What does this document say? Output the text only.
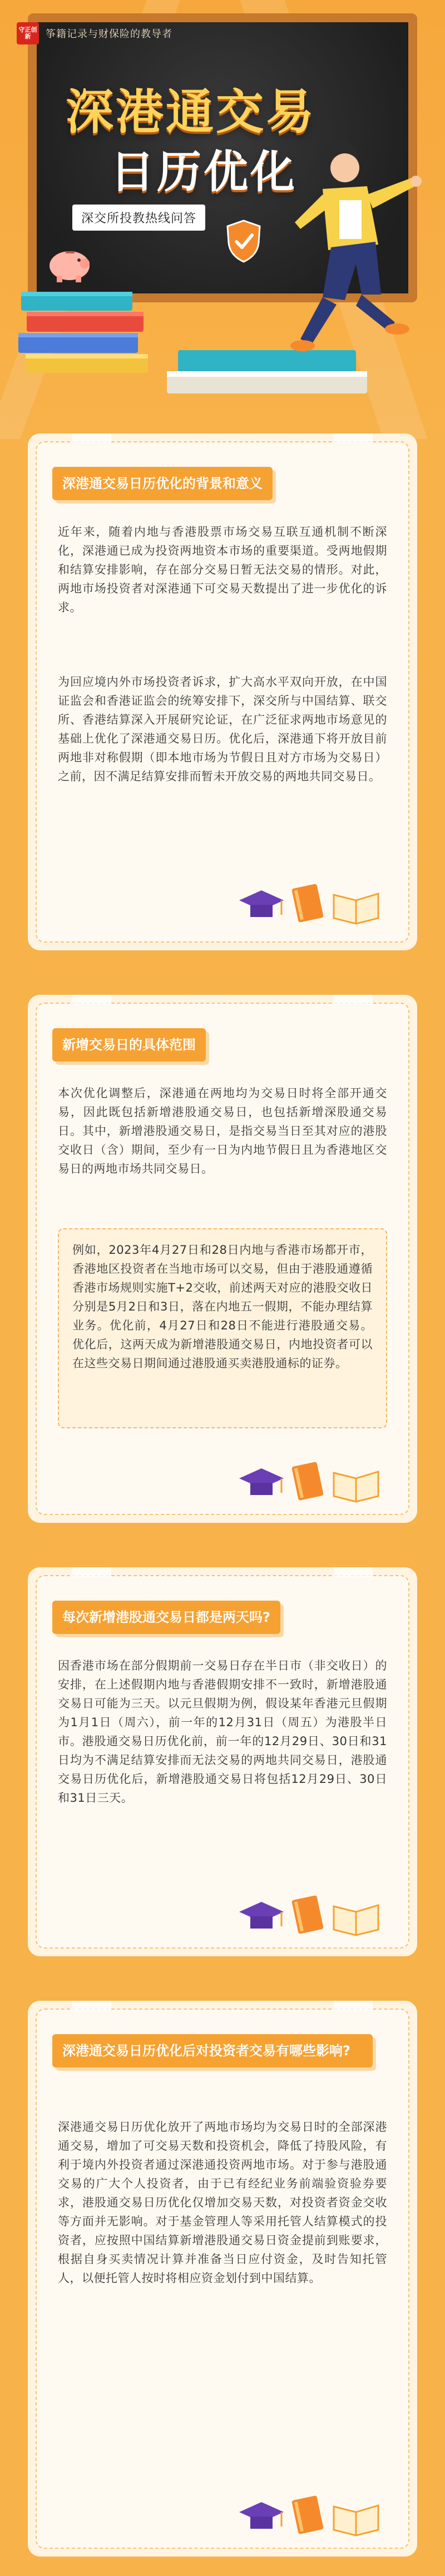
守正创新	筝籍记录与财保险的教导者
深港通交易
日历优化
深交所投教热线问答
深港通交易日历优化的背景和意义
近年来，随着内地与香港股票市场交易互联互通机制不断深化，深港通已成为投资两地资本市场的重要渠道。受两地假期和结算安排影响，存在部分交易日暂无法交易的情形。对此，两地市场投资者对深港通下可交易天数提出了进一步优化的诉求。
为回应境内外市场投资者诉求，扩大高水平双向开放，在中国证监会和香港证监会的统筹安排下，深交所与中国结算、联交所、香港结算深入开展研究论证，在广泛征求两地市场意见的基础上优化了深港通交易日历。优化后，深港通下将开放目前两地非对称假期（即本地市场为节假日且对方市场为交易日）之前，因不满足结算安排而暂未开放交易的两地共同交易日。
新增交易日的具体范围
本次优化调整后，深港通在两地均为交易日时将全部开通交易，因此既包括新增港股通交易日，也包括新增深股通交易日。其中，新增港股通交易日，是指交易当日至其对应的港股交收日（含）期间，至少有一日为内地节假日且为香港地区交易日的两地市场共同交易日。
例如，2023年4月27日和28日内地与香港市场都开市，香港地区投资者在当地市场可以交易，但由于港股通遵循香港市场规则实施T+2交收，前述两天对应的港股交收日分别是5月2日和3日，落在内地五一假期，不能办理结算业务。优化前，4月27日和28日不能进行港股通交易。优化后，这两天成为新增港股通交易日，内地投资者可以在这些交易日期间通过港股通买卖港股通标的证券。
每次新增港股通交易日都是两天吗?
因香港市场在部分假期前一交易日存在半日市（非交收日）的安排，在上述假期内地与香港假期安排不一致时，新增港股通交易日可能为三天。以元旦假期为例，假设某年香港元旦假期为1月1日（周六），前一年的12月31日（周五）为港股半日市。港股通交易日历优化前，前一年的12月29日、30日和31日均为不满足结算安排而无法交易的两地共同交易日，港股通交易日历优化后，新增港股通交易日将包括12月29日、30日和31日三天。
深港通交易日历优化后对投资者交易有哪些影响?
深港通交易日历优化放开了两地市场均为交易日时的全部深港通交易，增加了可交易天数和投资机会，降低了持股风险，有利于境内外投资者通过深港通投资两地市场。对于参与港股通交易的广大个人投资者，由于已有经纪业务前端验资验券要求，港股通交易日历优化仅增加交易天数，对投资者资金交收等方面并无影响。对于基金管理人等采用托管人结算模式的投资者，应按照中国结算新增港股通交易日资金提前到账要求，根据自身买卖情况计算并准备当日应付资金，及时告知托管人，以便托管人按时将相应资金划付到中国结算。
